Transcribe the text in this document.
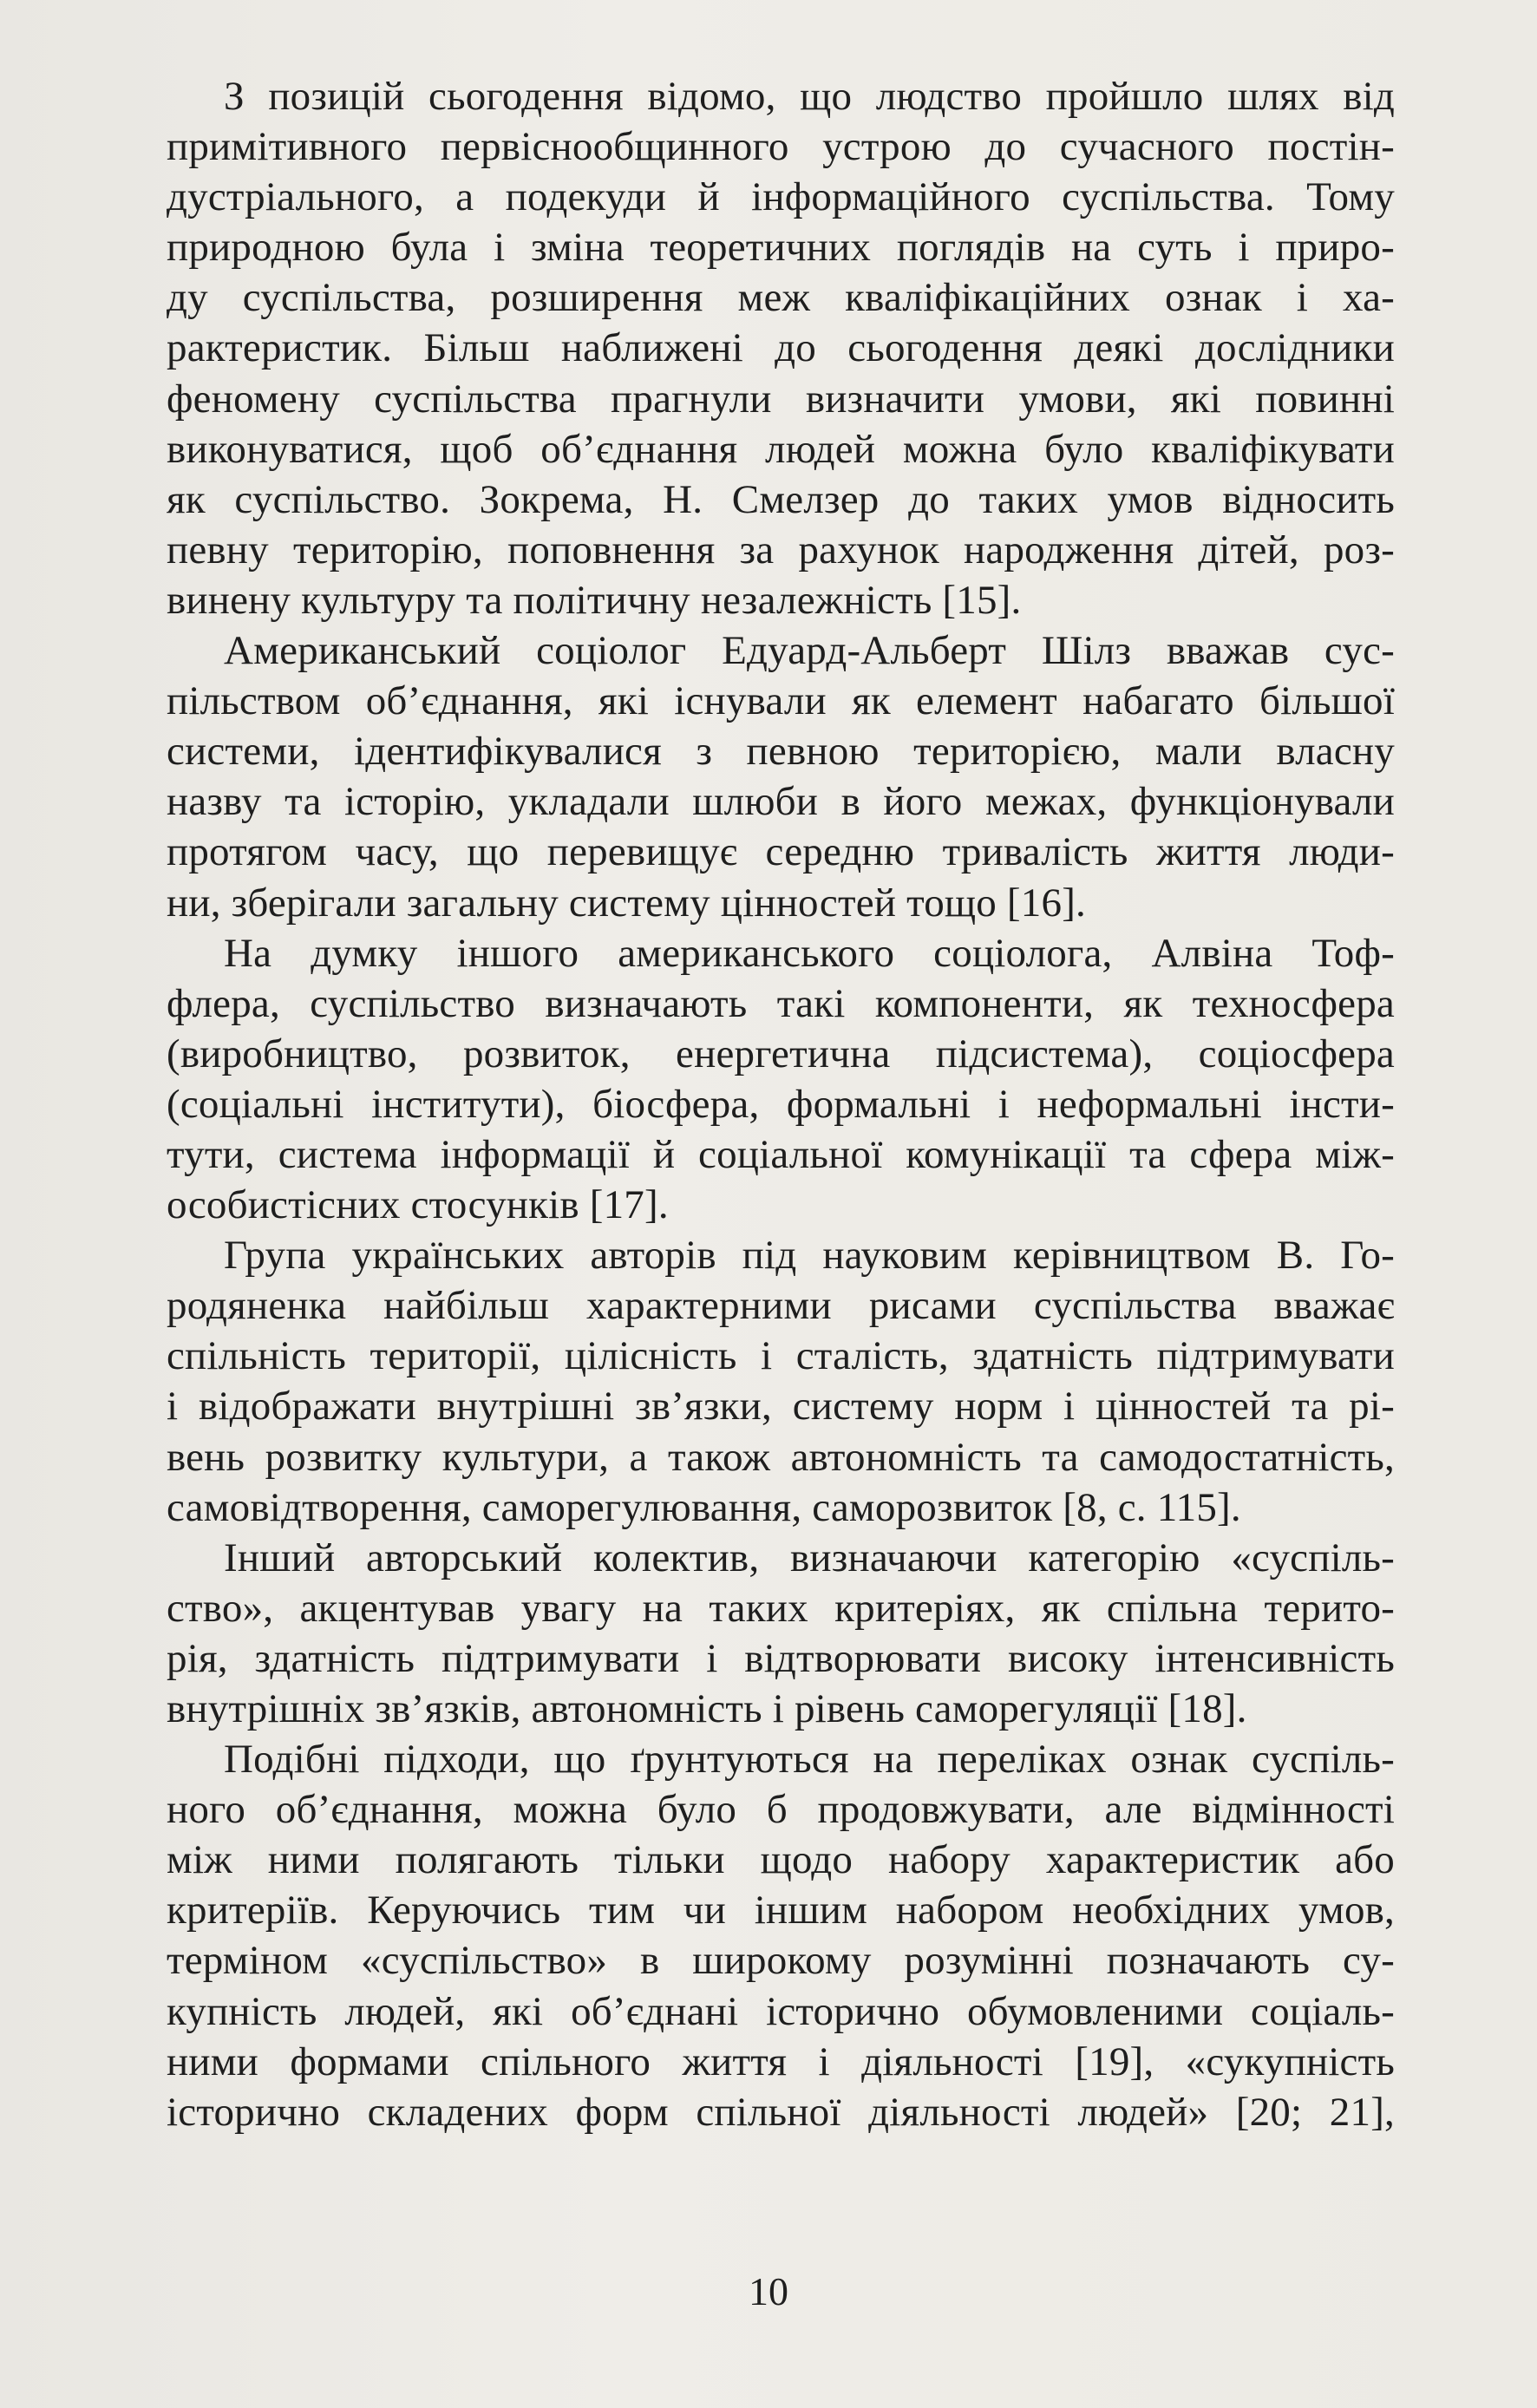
З позицій сьогодення відомо, що людство пройшло шлях від
примітивного первіснообщинного устрою до сучасного постін-
дустріального, а подекуди й інформаційного суспільства. Тому
природною була і зміна теоретичних поглядів на суть і приро-
ду суспільства, розширення меж кваліфікаційних ознак і ха-
рактеристик. Більш наближені до сьогодення деякі дослідники
феномену суспільства прагнули визначити умови, які повинні
виконуватися, щоб об’єднання людей можна було кваліфікувати
як суспільство. Зокрема, Н. Смелзер до таких умов відносить
певну територію, поповнення за рахунок народження дітей, роз-
винену культуру та політичну незалежність [15].
Американський соціолог Едуард-Альберт Шілз вважав сус-
пільством об’єднання, які існували як елемент набагато більшої
системи, ідентифікувалися з певною територією, мали власну
назву та історію, укладали шлюби в його межах, функціонували
протягом часу, що перевищує середню тривалість життя люди-
ни, зберігали загальну систему цінностей тощо [16].
На думку іншого американського соціолога, Алвіна Тоф-
флера, суспільство визначають такі компоненти, як техносфера
(виробництво, розвиток, енергетична підсистема), соціосфера
(соціальні інститути), біосфера, формальні і неформальні інсти-
тути, система інформації й соціальної комунікації та сфера між-
особистісних стосунків [17].
Група українських авторів під науковим керівництвом В. Го-
родяненка найбільш характерними рисами суспільства вважає
спільність території, цілісність і сталість, здатність підтримувати
і відображати внутрішні зв’язки, систему норм і цінностей та рі-
вень розвитку культури, а також автономність та самодостатність,
самовідтворення, саморегулювання, саморозвиток [8, с. 115].
Інший авторський колектив, визначаючи категорію «суспіль-
ство», акцентував увагу на таких критеріях, як спільна терито-
рія, здатність підтримувати і відтворювати високу інтенсивність
внутрішніх зв’язків, автономність і рівень саморегуляції [18].
Подібні підходи, що ґрунтуються на переліках ознак суспіль-
ного об’єднання, можна було б продовжувати, але відмінності
між ними полягають тільки щодо набору характеристик або
критеріїв. Керуючись тим чи іншим набором необхідних умов,
терміном «суспільство» в широкому розумінні позначають су-
купність людей, які об’єднані історично обумовленими соціаль-
ними формами спільного життя і діяльності [19], «сукупність
історично складених форм спільної діяльності людей» [20; 21],
10
